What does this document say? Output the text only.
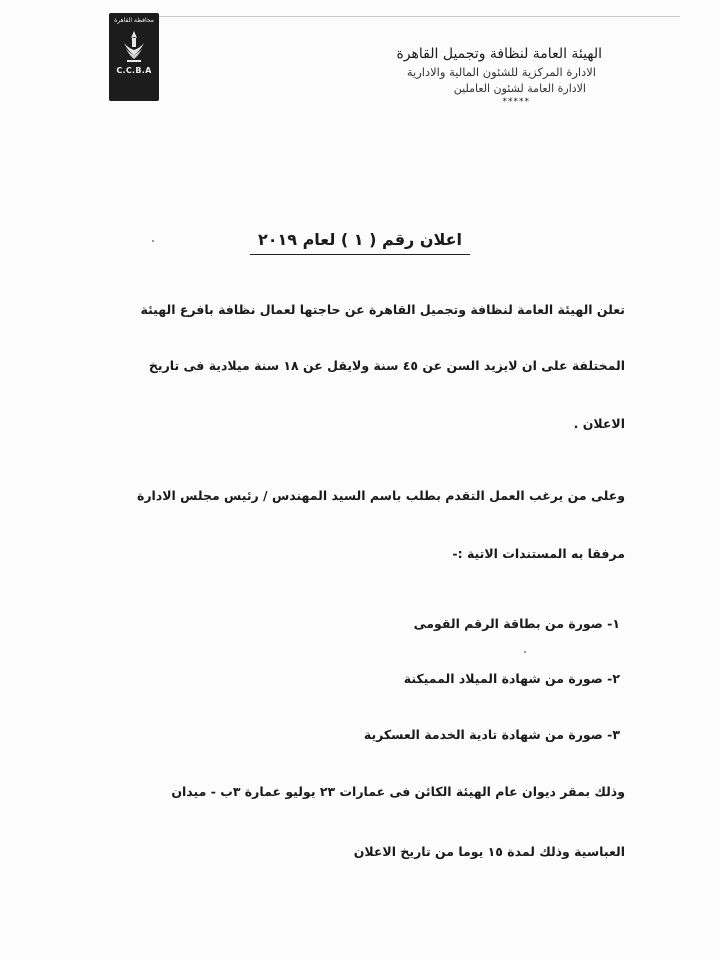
محافظة القاهرة
C.C.B.A
الهيئة العامة لنظافة وتجميل القاهرة
الادارة المركزية للشئون المالية والادارية
الادارة العامة لشئون العاملين
*****
اعلان رقم ( ١ ) لعام ٢٠١٩
تعلن الهيئة العامة لنظافة وتجميل القاهرة عن حاجتها لعمال نظافة بافرع الهيئة
المختلفة على ان لايزيد السن عن ٤٥ سنة ولايقل عن ١٨ سنة ميلادية فى تاريخ
الاعلان .
وعلى من يرغب العمل التقدم بطلب باسم السيد المهندس / رئيس مجلس الادارة
مرفقا به المستندات الاتية :-
١- صورة من بطاقة الرقم القومى
٢- صورة من شهادة الميلاد المميكنة
٣- صورة من شهادة تادية الخدمة العسكرية
وذلك بمقر ديوان عام الهيئة الكائن فى عمارات ٢٣ يوليو عمارة ٣ب - ميدان
العباسية وذلك لمدة ١٥ يوما من تاريخ الاعلان
